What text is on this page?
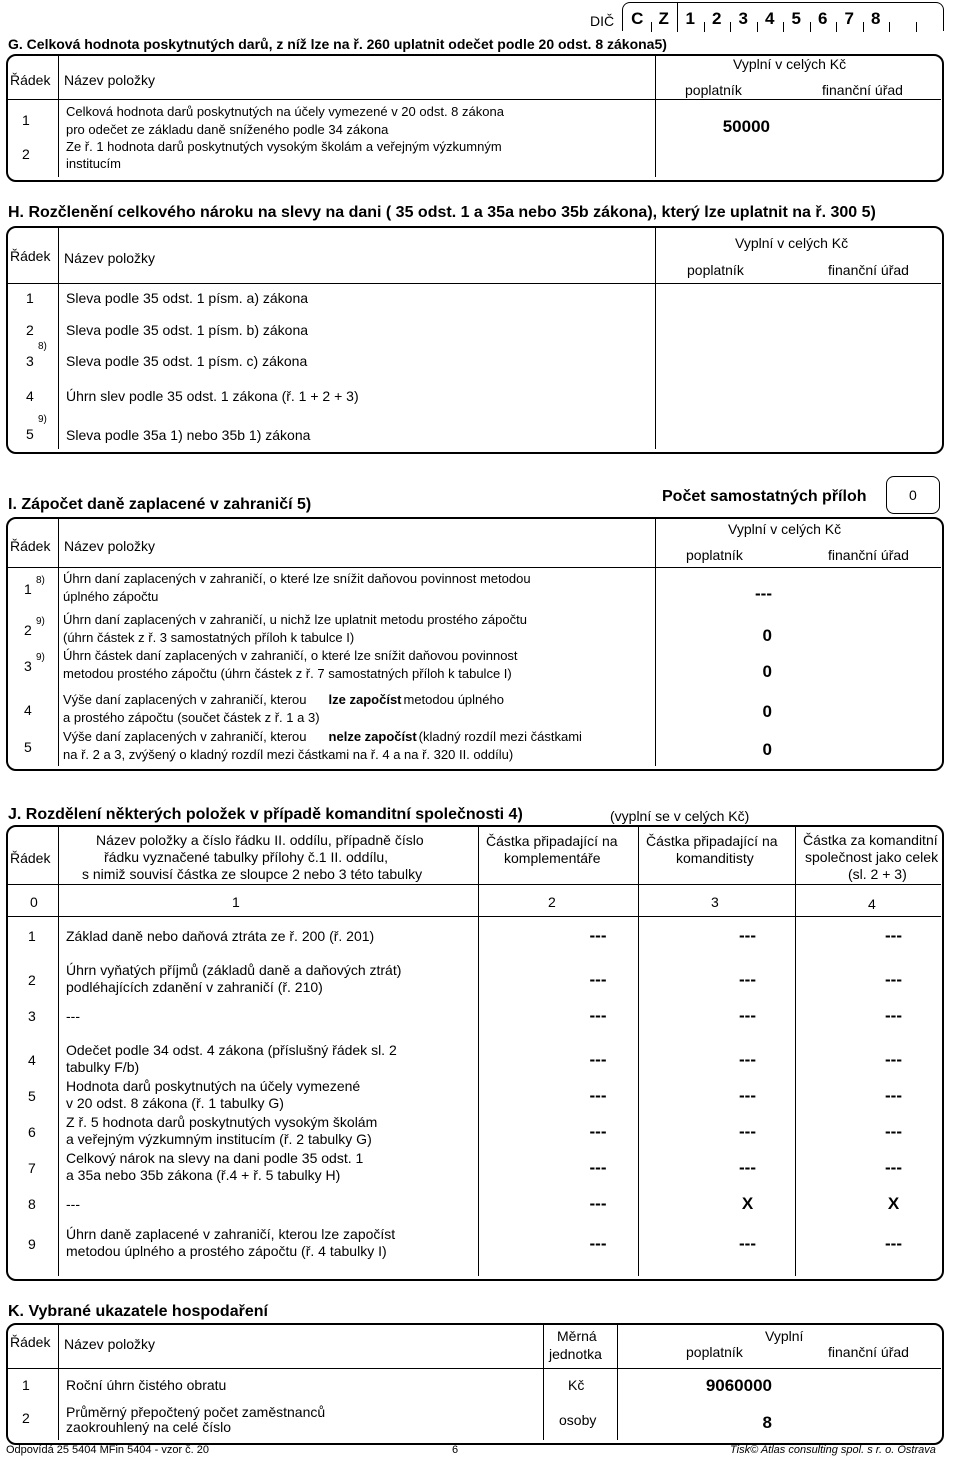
DIČ C Z 1	2	3	4	5	6	7	8
G. Celková hodnota poskytnutých darů, z níž lze na ř. 260 uplatnit odečet podle 20 odst. 8 zákona5)
Řádek Název položky
Vyplní v celých Kč
poplatník	finanční úřad
1
Celková hodnota darů poskytnutých na účely vymezené v 20 odst. 8 zákona
pro odečet ze základu daně sníženého podle 34 zákona	50000
2	Ze ř. 1 hodnota darů poskytnutých vysokým školám a veřejným výzkumným
institucím
H. Rozčlenění celkového nároku na slevy na dani ( 35 odst. 1 a 35a nebo 35b zákona), který lze uplatnit na ř. 300 5)
Řádek Název položky
Vyplní v celých Kč
poplatník	finanční úřad
1 Sleva podle 35 odst. 1 písm. a) zákona
2 Sleva podle 35 odst. 1 písm. b) zákona
3
8)
Sleva podle 35 odst. 1 písm. c) zákona
4 Úhrn slev podle 35 odst. 1 zákona (ř. 1 + 2 + 3)
5
9)
Sleva podle 35a 1) nebo 35b 1) zákona
I. Zápočet daně zaplacené v zahraničí 5)	Počet samostatných příloh	0
Řádek Název položky
Vyplní v celých Kč
poplatník	finanční úřad
1
8) Úhrn daní zaplacených v zahraničí, o které lze snížit daňovou povinnost metodou
úplného zápočtu	---
2
9) Úhrn daní zaplacených v zahraničí, u nichž lze uplatnit metodu prostého zápočtu
(úhrn částek z ř. 3 samostatných příloh k tabulce I)	0
3
9) Úhrn částek daní zaplacených v zahraničí, o které lze snížit daňovou povinnost
metodou prostého zápočtu (úhrn částek z ř. 7 samostatných příloh k tabulce I)	0
4
Výše daní zaplacených v zahraničí, kterou lze započíst metodou úplného
a prostého zápočtu (součet částek z ř. 1 a 3)	0
5
Výše daní zaplacených v zahraničí, kterou nelze započíst (kladný rozdíl mezi částkami
na ř. 2 a 3, zvýšený o kladný rozdíl mezi částkami na ř. 4 a na ř. 320 II. oddílu)	0
J. Rozdělení některých položek v případě komanditní společnosti 4)	(vyplní se v celých Kč)
Řádek
Název položky a číslo řádku II. oddílu, případně číslo
řádku vyznačené tabulky přílohy č.1 II. oddílu,
s nimiž souvisí částka ze sloupce 2 nebo 3 této tabulky
Částka připadající na
komplementáře
Částka připadající na
komanditisty
Částka za komanditní
společnost jako celek
(sl. 2 + 3)
0	1	2	3	4
1 Základ daně nebo daňová ztráta ze ř. 200 (ř. 201)	---	---	---
2
Úhrn vyňatých příjmů (základů daně a daňových ztrát)
podléhajících zdanění v zahraničí (ř. 210)	---	---	---
3 ---	---	---	---
4
Odečet podle 34 odst. 4 zákona (příslušný řádek sl. 2
tabulky F/b)	---	---	---
5
Hodnota darů poskytnutých na účely vymezené
v 20 odst. 8 zákona (ř. 1 tabulky G)	---	---	---
6
Z ř. 5 hodnota darů poskytnutých vysokým školám
a veřejným výzkumným institucím (ř. 2 tabulky G)	---	---	---
7
Celkový nárok na slevy na dani podle 35 odst. 1
a 35a nebo 35b zákona (ř.4 + ř. 5 tabulky H)	---	---	---
8 ---	---	X	X
9
Úhrn daně zaplacené v zahraničí, kterou lze započíst
metodou úplného a prostého zápočtu (ř. 4 tabulky I)	---	---	---
K. Vybrané ukazatele hospodaření
Řádek Název položky	Měrná
jednotka
Vyplní
poplatník	finanční úřad
1	Roční úhrn čistého obratu	Kč	9060000
2	Průměrný přepočtený počet zaměstnanců
zaokrouhlený na celé číslo	osoby	8
Odpovídá 25 5404 MFin 5404 - vzor č. 20	6	Tisk© Atlas consulting spol. s r. o. Ostrava
